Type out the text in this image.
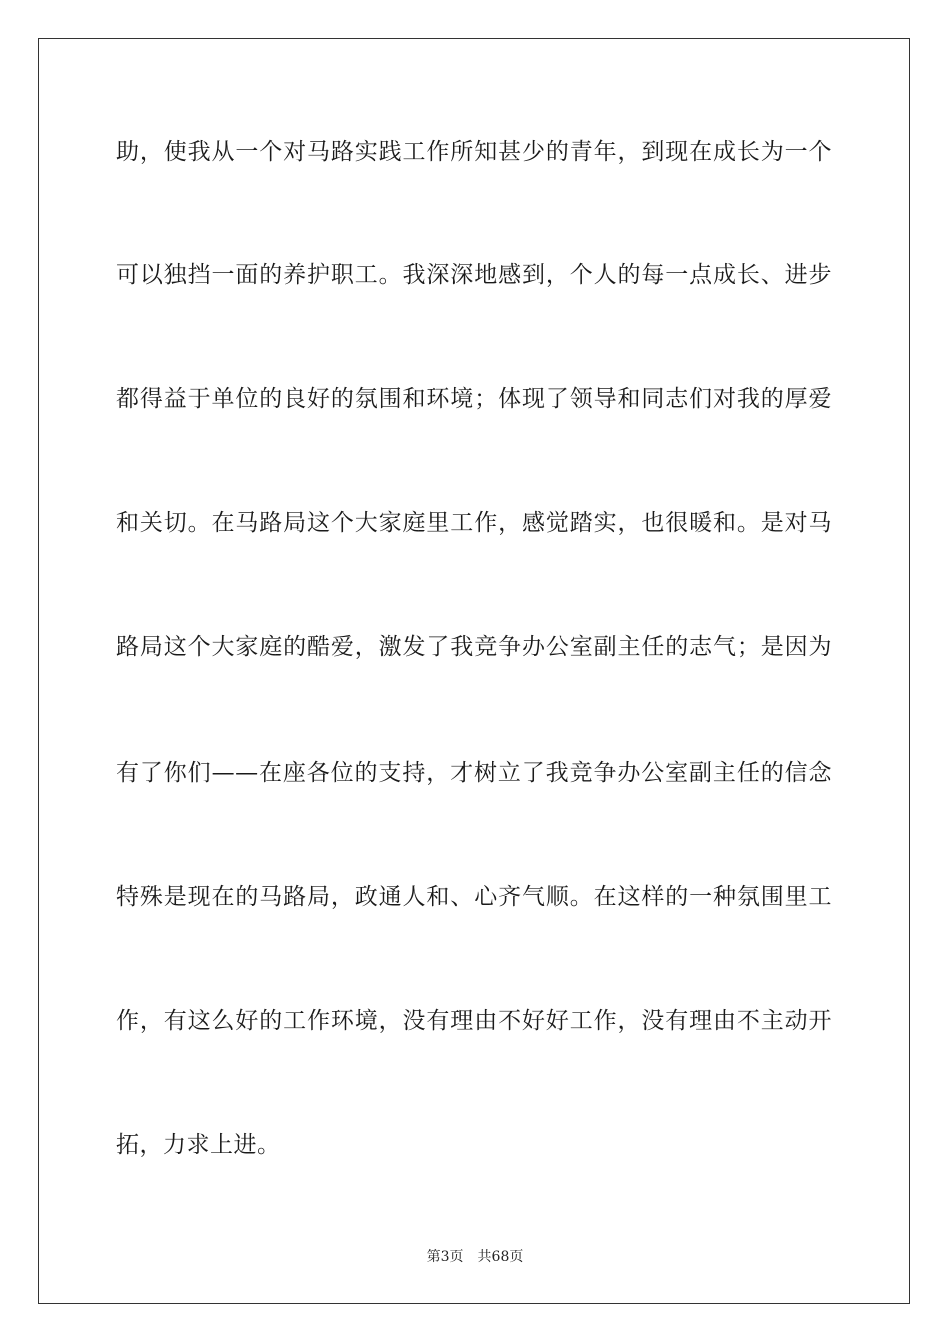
助，使我从一个对马路实践工作所知甚少的青年，到现在成长为一个
可以独挡一面的养护职工。我深深地感到，个人的每一点成长、进步
都得益于单位的良好的氛围和环境；体现了领导和同志们对我的厚爱
和关切。在马路局这个大家庭里工作，感觉踏实，也很暖和。是对马
路局这个大家庭的酷爱，激发了我竞争办公室副主任的志气；是因为
有了你们——在座各位的支持，才树立了我竞争办公室副主任的信念
特殊是现在的马路局，政通人和、心齐气顺。在这样的一种氛围里工
作，有这么好的工作环境，没有理由不好好工作，没有理由不主动开
拓，力求上进。
第3页 共68页
